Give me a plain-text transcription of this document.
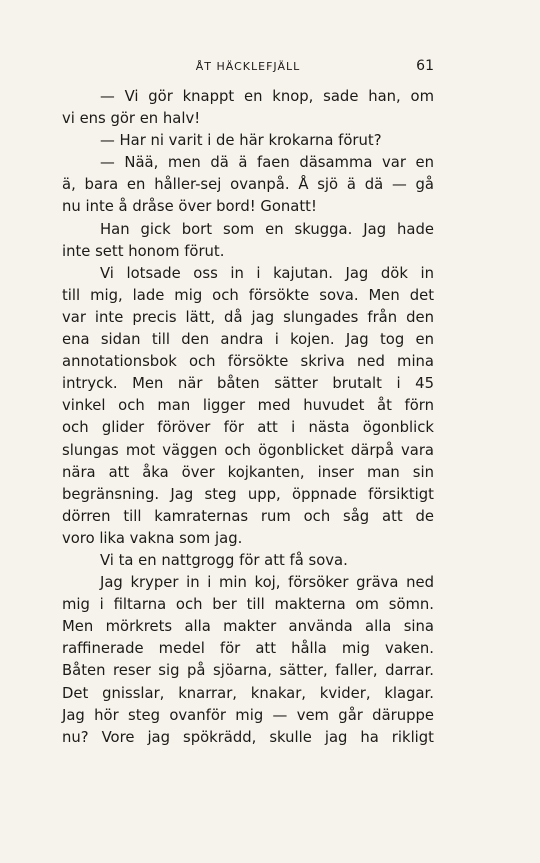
ÅT HÄCKLEFJÄLL	61
— Vi gör knappt en knop, sade han, om
vi ens gör en halv!
— Har ni varit i de här krokarna förut?
— Nää, men dä ä faen däsamma var en
ä, bara en håller-sej ovanpå. Å sjö ä dä — gå
nu inte å dråse över bord! Gonatt!
Han gick bort som en skugga. Jag hade
inte sett honom förut.
Vi lotsade oss in i kajutan. Jag dök in
till mig, lade mig och försökte sova. Men det
var inte precis lätt, då jag slungades från den
ena sidan till den andra i kojen. Jag tog en
annotationsbok och försökte skriva ned mina
intryck. Men när båten sätter brutalt i 45
vinkel och man ligger med huvudet åt förn
och glider föröver för att i nästa ögonblick
slungas mot väggen och ögonblicket därpå vara
nära att åka över kojkanten, inser man sin
begränsning. Jag steg upp, öppnade försiktigt
dörren till kamraternas rum och såg att de
voro lika vakna som jag.
Vi ta en nattgrogg för att få sova.
Jag kryper in i min koj, försöker gräva ned
mig i filtarna och ber till makterna om sömn.
Men mörkrets alla makter använda alla sina
raffinerade medel för att hålla mig vaken.
Båten reser sig på sjöarna, sätter, faller, darrar.
Det gnisslar, knarrar, knakar, kvider, klagar.
Jag hör steg ovanför mig — vem går däruppe
nu? Vore jag spökrädd, skulle jag ha rikligt
